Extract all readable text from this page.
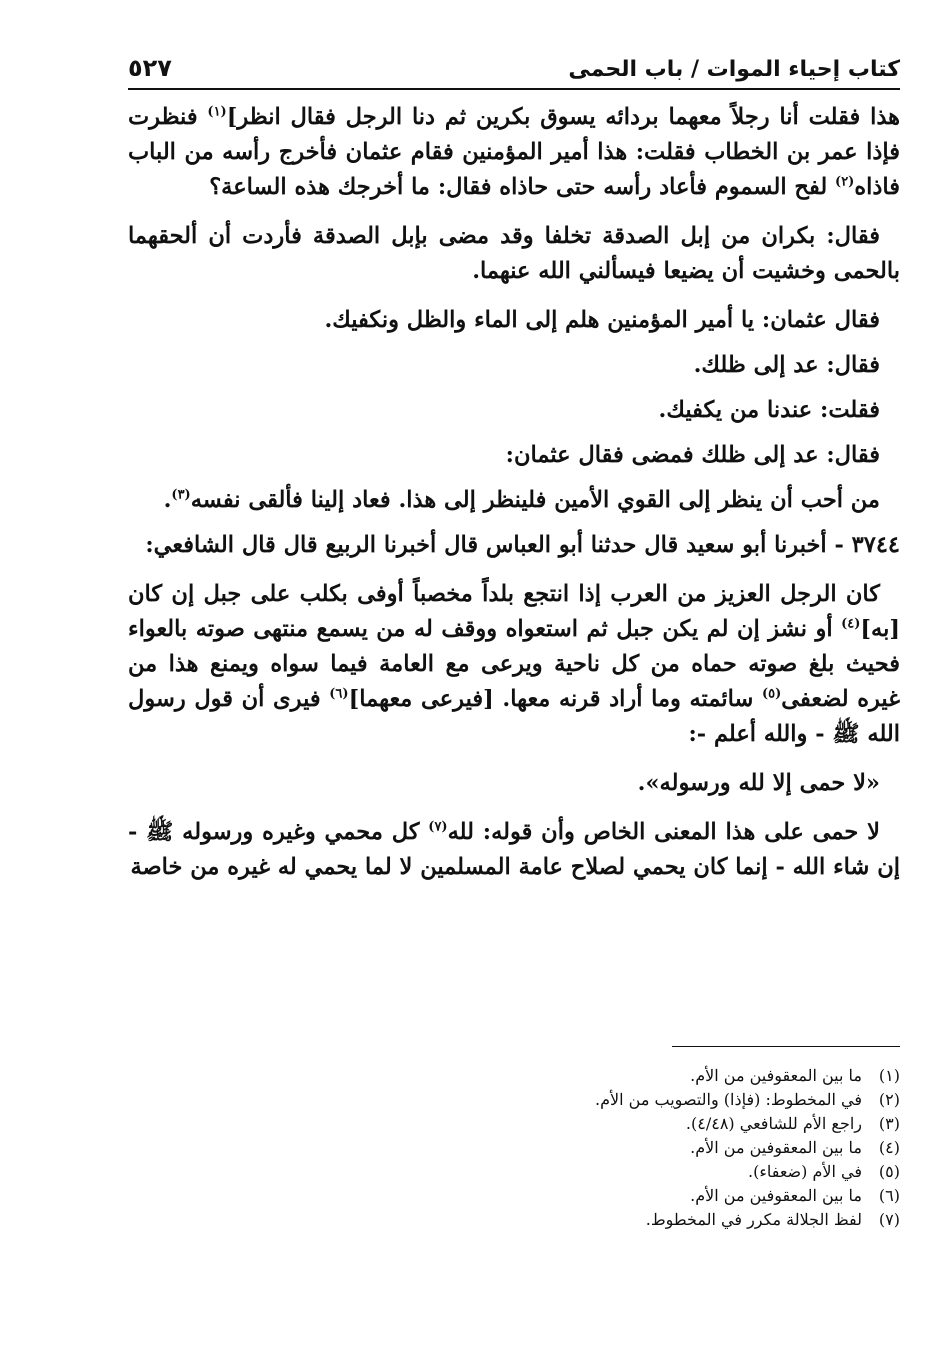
كتاب إحياء الموات / باب الحمى
٥٢٧

هذا فقلت أنا رجلاً معهما بردائه يسوق بكرين ثم دنا الرجل فقال انظر]$^{(١)}$ فنظرت فإذا عمر بن الخطاب فقلت: هذا أمير المؤمنين فقام عثمان فأخرج رأسه من الباب فاذاه$^{(٢)}$ لفح السموم فأعاد رأسه حتى حاذاه فقال: ما أخرجك هذه الساعة؟

فقال: بكران من إبل الصدقة تخلفا وقد مضى بإبل الصدقة فأردت أن ألحقهما بالحمى وخشيت أن يضيعا فيسألني الله عنهما.

فقال عثمان: يا أمير المؤمنين هلم إلى الماء والظل ونكفيك.

فقال: عد إلى ظلك.

فقلت: عندنا من يكفيك.

فقال: عد إلى ظلك فمضى فقال عثمان:

من أحب أن ينظر إلى القوي الأمين فلينظر إلى هذا. فعاد إلينا فألقى نفسه$^{(٣)}$.

٣٧٤٤ - أخبرنا أبو سعيد قال حدثنا أبو العباس قال أخبرنا الربيع قال قال الشافعي:

كان الرجل العزيز من العرب إذا انتجع بلداً مخصباً أوفى بكلب على جبل إن كان [به]$^{(٤)}$ أو نشز إن لم يكن جبل ثم استعواه ووقف له من يسمع منتهى صوته بالعواء فحيث بلغ صوته حماه من كل ناحية ويرعى مع العامة فيما سواه ويمنع هذا من غيره لضعفى$^{(٥)}$ سائمته وما أراد قرنه معها. [فيرعى معهما]$^{(٦)}$ فيرى أن قول رسول الله ﷺ - والله أعلم -:

«لا حمى إلا لله ورسوله».

لا حمى على هذا المعنى الخاص وأن قوله: لله$^{(٧)}$ كل محمي وغيره ورسوله ﷺ - إن شاء الله - إنما كان يحمي لصلاح عامة المسلمين لا لما يحمي له غيره من خاصة

(١)ما بين المعقوفين من الأم.

(٢)في المخطوط: (فإذا) والتصويب من الأم.

(٣)راجع الأم للشافعي (٤/٤٨).

(٤)ما بين المعقوفين من الأم.

(٥)في الأم (ضعفاء).

(٦)ما بين المعقوفين من الأم.

(٧)لفظ الجلالة مكرر في المخطوط.
